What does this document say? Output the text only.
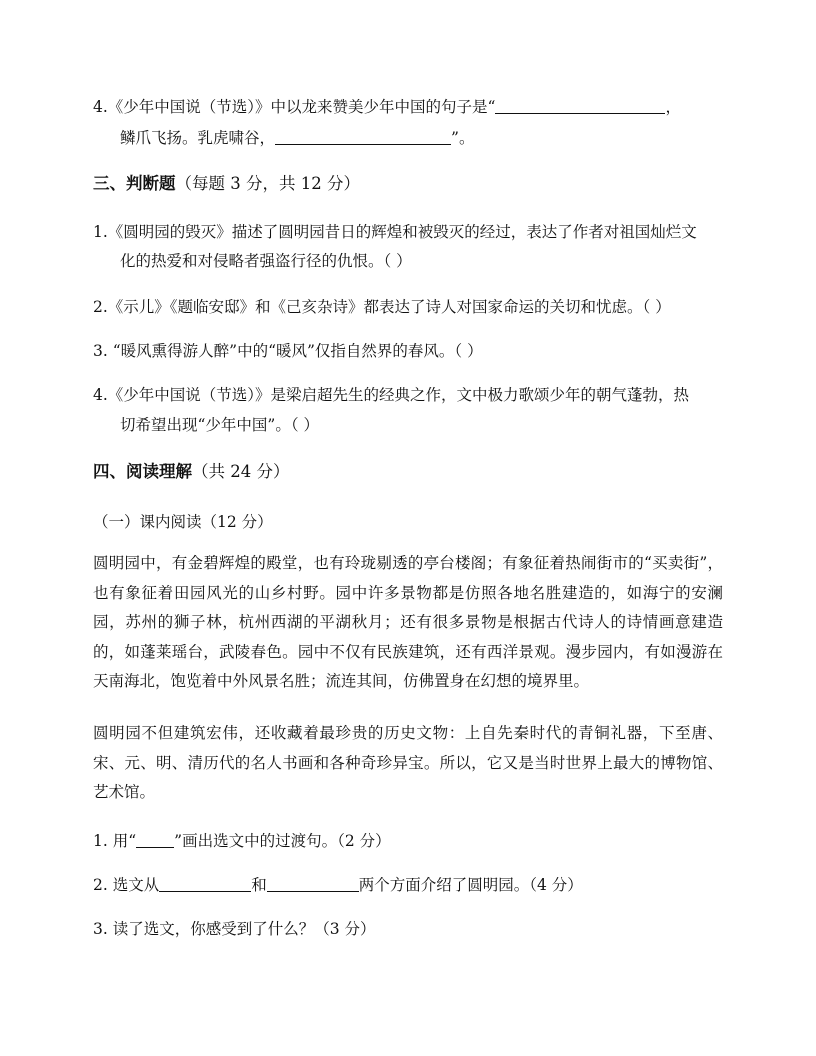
4.《少年中国说（节选）》中以龙来赞美少年中国的句子是“	，
鳞爪飞扬。乳虎啸谷，	”。
三、判断题（每题 3 分，共 12 分）
1.《圆明园的毁灭》描述了圆明园昔日的辉煌和被毁灭的经过，表达了作者对祖国灿烂文
化的热爱和对侵略者强盗行径的仇恨。（ ）
2.《示儿》《题临安邸》和《己亥杂诗》都表达了诗人对国家命运的关切和忧虑。（ ）
3. “暖风熏得游人醉”中的“暖风”仅指自然界的春风。（ ）
4.《少年中国说（节选）》是梁启超先生的经典之作，文中极力歌颂少年的朝气蓬勃，热
切希望出现“少年中国”。（ ）
四、阅读理解（共 24 分）
（一）课内阅读（12 分）
圆明园中，有金碧辉煌的殿堂，也有玲珑剔透的亭台楼阁；有象征着热闹街市的“买卖街”，也有象征着田园风光的山乡村野。园中许多景物都是仿照各地名胜建造的，如海宁的安澜园，苏州的狮子林，杭州西湖的平湖秋月；还有很多景物是根据古代诗人的诗情画意建造的，如蓬莱瑶台，武陵春色。园中不仅有民族建筑，还有西洋景观。漫步园内，有如漫游在天南海北，饱览着中外风景名胜；流连其间，仿佛置身在幻想的境界里。
圆明园不但建筑宏伟，还收藏着最珍贵的历史文物：上自先秦时代的青铜礼器，下至唐、宋、元、明、清历代的名人书画和各种奇珍异宝。所以，它又是当时世界上最大的博物馆、艺术馆。
1. 用“ ”画出选文中的过渡句。（2 分）
2. 选文从	和	两个方面介绍了圆明园。（4 分）
3. 读了选文，你感受到了什么？（3 分）
